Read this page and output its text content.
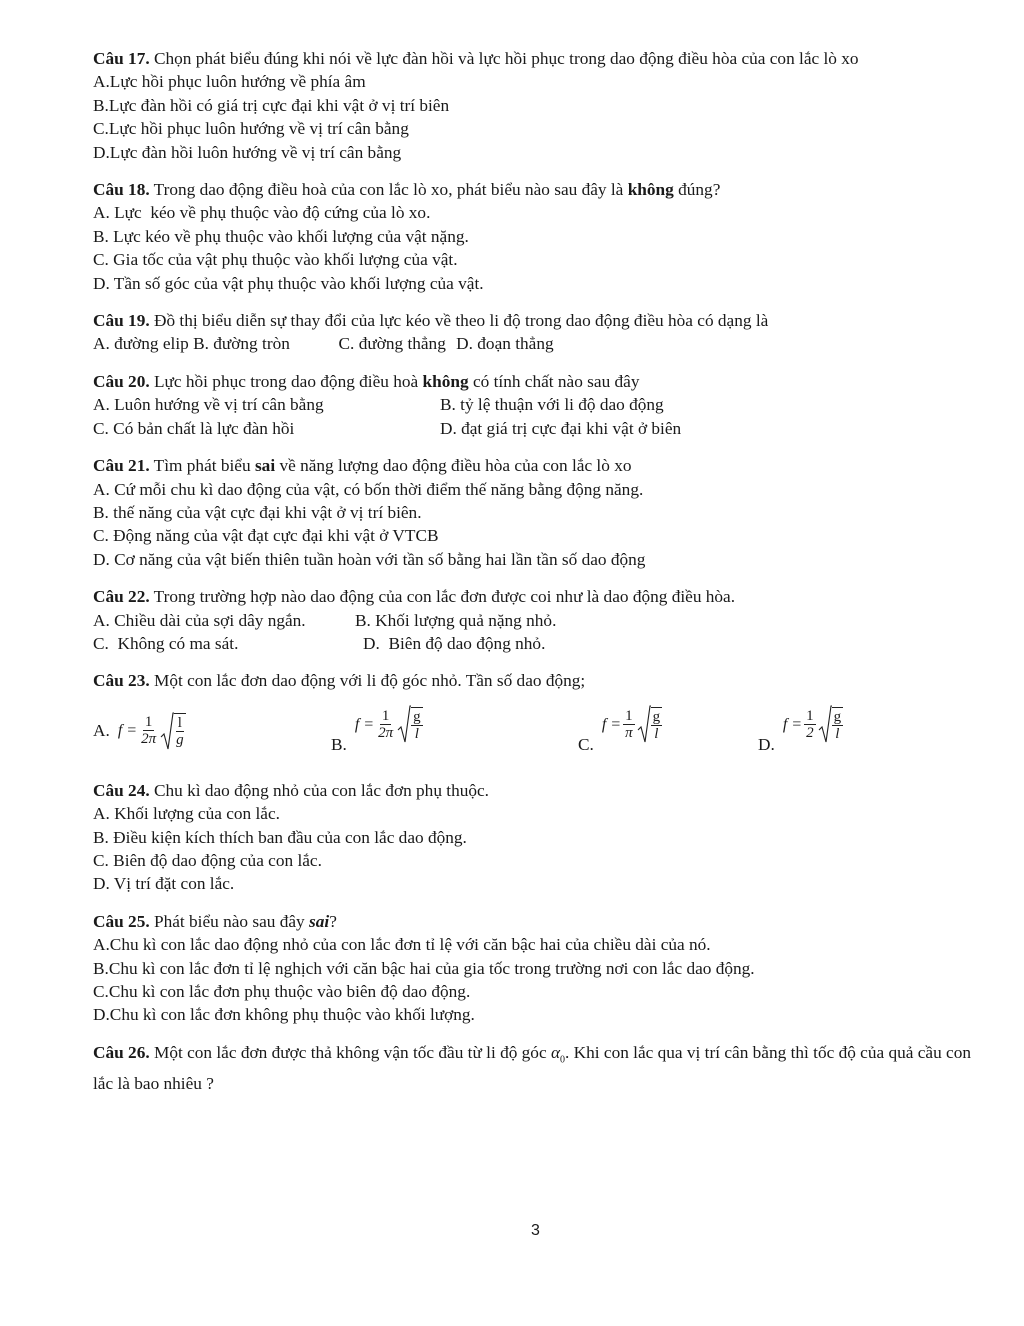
Câu 17. Chọn phát biểu đúng khi nói về lực đàn hồi và lực hồi phục trong dao động điều hòa của con lắc lò xo

A.Lực hồi phục luôn hướng về phía âm

B.Lực đàn hồi có giá trị cực đại khi vật ở vị trí biên

C.Lực hồi phục luôn hướng về vị trí cân bằng

D.Lực đàn hồi luôn hướng về vị trí cân bằng

Câu 18. Trong dao động điều hoà của con lắc lò xo, phát biểu nào sau đây là không đúng?

A. Lực  kéo về phụ thuộc vào độ cứng của lò xo.

B. Lực kéo về phụ thuộc vào khối lượng của vật nặng.

C. Gia tốc của vật phụ thuộc vào khối lượng của vật.

D. Tần số góc của vật phụ thuộc vào khối lượng của vật.

Câu 19. Đồ thị biểu diễn sự thay đổi của lực kéo về theo li độ trong dao động điều hòa có dạng là

A. đường elip B. đường tròn	C. đường thẳng D. đoạn thẳng

Câu 20. Lực hồi phục trong dao động điều hoà không có tính chất nào sau đây

A. Luôn hướng về vị trí cân bằng	B. tỷ lệ thuận với li độ dao động
C. Có bản chất là lực đàn hồi	D. đạt giá trị cực đại khi vật ở biên

Câu 21. Tìm phát biểu sai về năng lượng dao động điều hòa của con lắc lò xo

A. Cứ mỗi chu kì dao động của vật, có bốn thời điểm thế năng bằng động năng.

B. thế năng của vật cực đại khi vật ở vị trí biên.

C. Động năng của vật đạt cực đại khi vật ở VTCB

D. Cơ năng của vật biến thiên tuần hoàn với tần số bằng hai lần tần số dao động

Câu 22. Trong trường hợp nào dao động của con lắc đơn được coi như là dao động điều hòa.

A. Chiều dài của sợi dây ngắn.	B. Khối lượng quả nặng nhỏ.
C.  Không có ma sát.	D.  Biên độ dao động nhỏ.

Câu 23. Một con lắc đơn dao động với li độ góc nhỏ. Tần số dao động;

A. $f = \frac{1}{2\pi} \frac{l}{g}$	B.
$f = \frac{1}{2\pi} \frac{g}{l}$
C.
$f = \frac{1}{\pi} \frac{g}{l}$
D.
$f = \frac{1}{2} \frac{g}{l}$

Câu 24. Chu kì dao động nhỏ của con lắc đơn phụ thuộc.

A. Khối lượng của con lắc.

B. Điều kiện kích thích ban đầu của con lắc dao động.

C. Biên độ dao động của con lắc.

D. Vị trí đặt con lắc.

Câu 25. Phát biểu nào sau đây sai?

A.Chu kì con lắc dao động nhỏ của con lắc đơn tỉ lệ với căn bậc hai của chiều dài của nó.

B.Chu kì con lắc đơn tỉ lệ nghịch với căn bậc hai của gia tốc trong trường nơi con lắc dao động.

C.Chu kì con lắc đơn phụ thuộc vào biên độ dao động.

D.Chu kì con lắc đơn không phụ thuộc vào khối lượng.

Câu 26. Một con lắc đơn được thả không vận tốc đầu từ li độ góc $\alpha_0$. Khi con lắc qua vị trí cân bằng thì tốc độ của quả cầu con lắc là bao nhiêu ?

3
